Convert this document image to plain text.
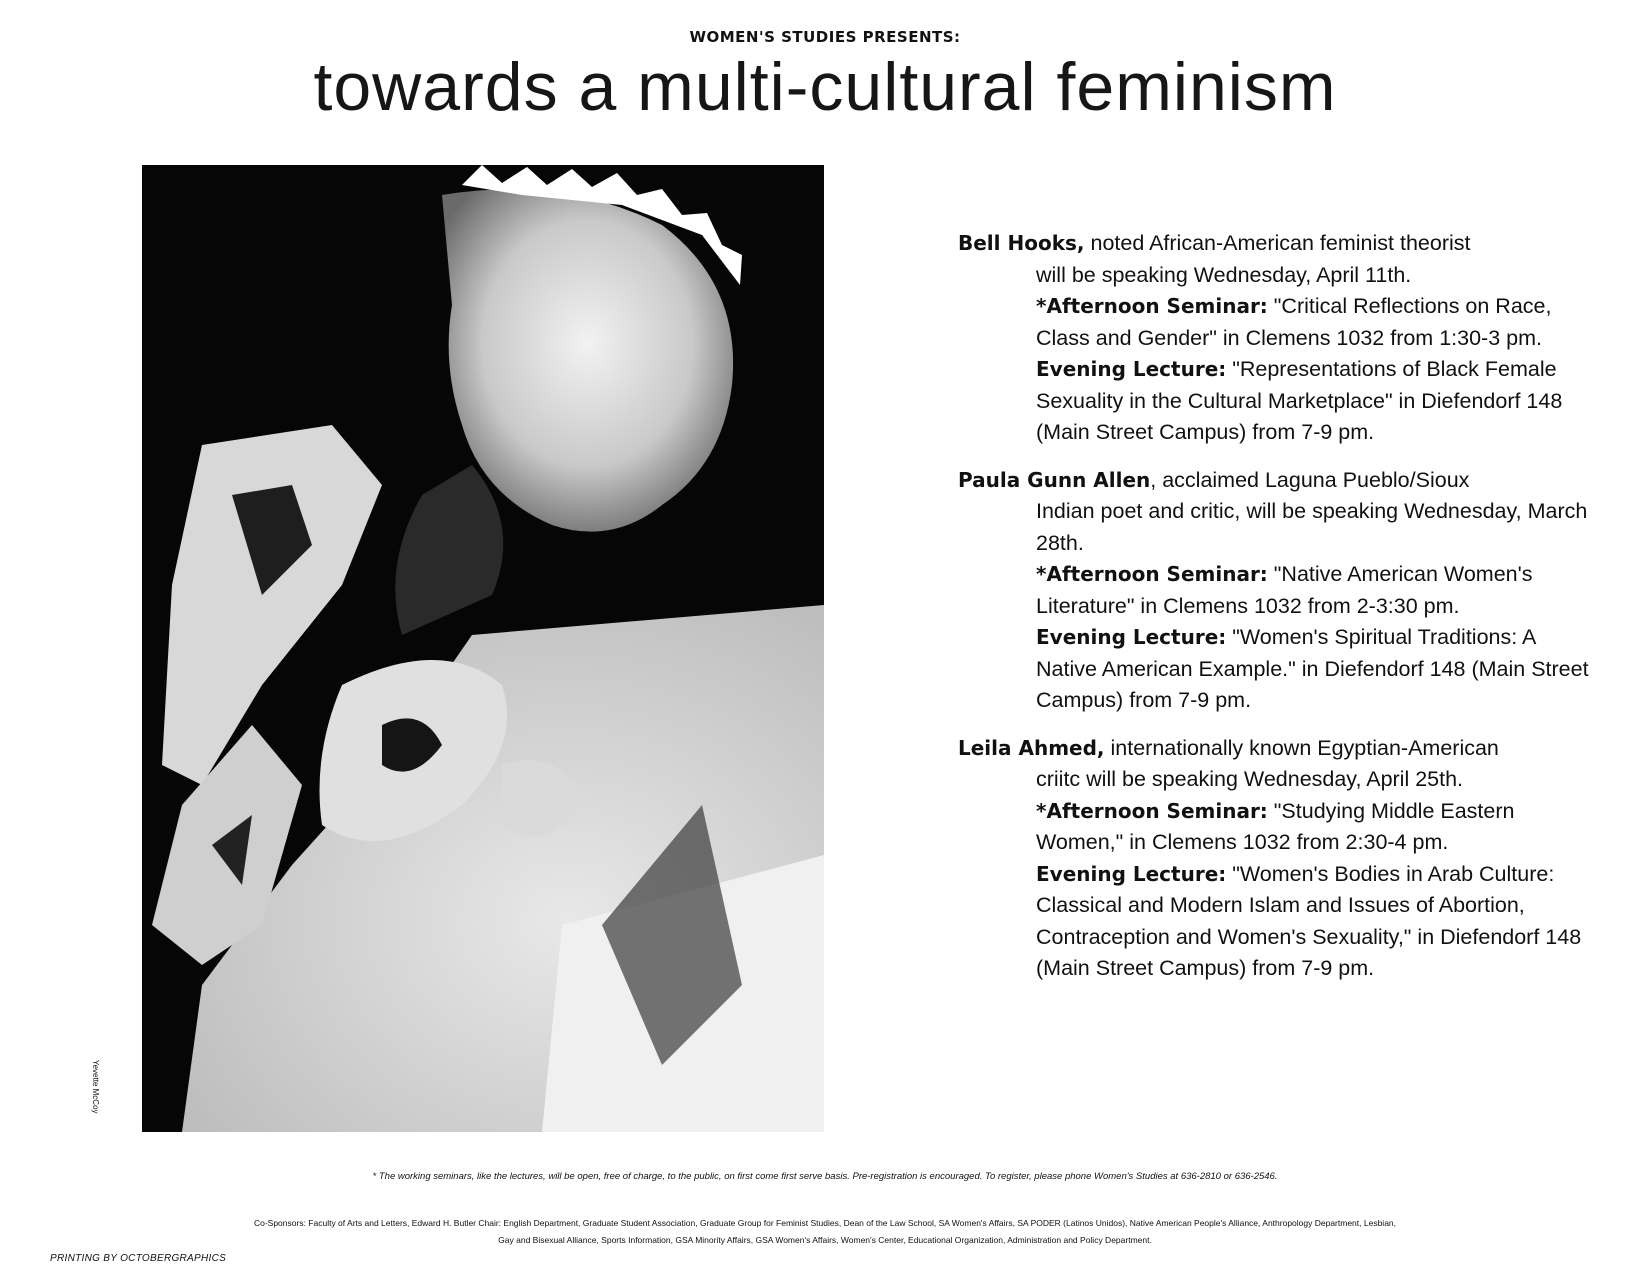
WOMEN'S STUDIES PRESENTS:
towards a multi-cultural feminism
Yevette McCoy
Bell Hooks, noted African-American feminist theorist
will be speaking Wednesday, April 11th.
*Afternoon Seminar: "Critical Reflections on Race, Class and Gender" in Clemens 1032 from 1:30-3 pm.
Evening Lecture: "Representations of Black Female Sexuality in the Cultural Marketplace" in Diefendorf 148 (Main Street Campus) from 7-9 pm.
Paula Gunn Allen, acclaimed Laguna Pueblo/Sioux
Indian poet and critic, will be speaking Wednesday, March 28th.
*Afternoon Seminar: "Native American Women's Literature" in Clemens 1032 from 2-3:30 pm.
Evening Lecture: "Women's Spiritual Traditions: A Native American Example." in Diefendorf 148 (Main Street Campus) from 7-9 pm.
Leila Ahmed, internationally known Egyptian-American
criitc will be speaking Wednesday, April 25th.
*Afternoon Seminar: "Studying Middle Eastern Women," in Clemens 1032 from 2:30-4 pm.
Evening Lecture: "Women's Bodies in Arab Culture: Classical and Modern Islam and Issues of Abortion, Contraception and Women's Sexuality," in Diefendorf 148 (Main Street Campus) from 7-9 pm.
* The working seminars, like the lectures, will be open, free of charge, to the public, on first come first serve basis. Pre-registration is encouraged. To register, please phone Women's Studies at 636-2810 or 636-2546.
Co-Sponsors: Faculty of Arts and Letters, Edward H. Butler Chair: English Department, Graduate Student Association, Graduate Group for Feminist Studies, Dean of the Law School, SA Women's Affairs, SA PODER (Latinos Unidos), Native American People's Alliance, Anthropology Department, Lesbian,
Gay and Bisexual Alliance, Sports Information, GSA Minority Affairs, GSA Women's Affairs, Women's Center, Educational Organization, Administration and Policy Department.
PRINTING BY OCTOBERGRAPHICS
